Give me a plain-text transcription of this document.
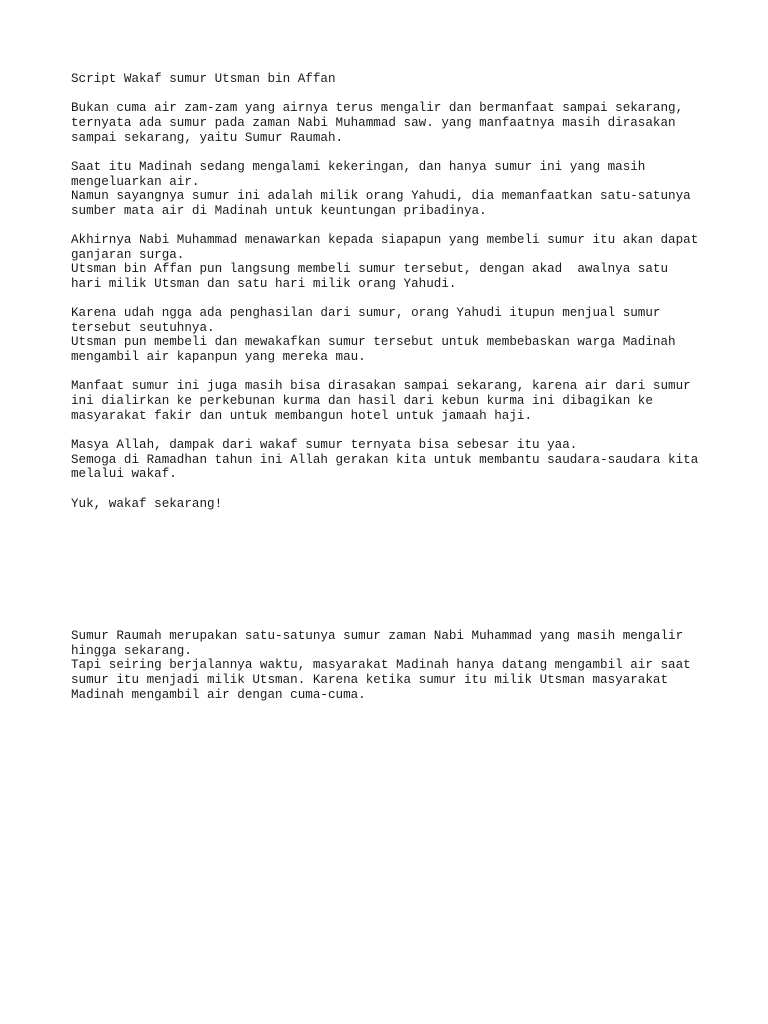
Script Wakaf sumur Utsman bin Affan

Bukan cuma air zam-zam yang airnya terus mengalir dan bermanfaat sampai sekarang,

ternyata ada sumur pada zaman Nabi Muhammad saw. yang manfaatnya masih dirasakan

sampai sekarang, yaitu Sumur Raumah.

Saat itu Madinah sedang mengalami kekeringan, dan hanya sumur ini yang masih

mengeluarkan air.

Namun sayangnya sumur ini adalah milik orang Yahudi, dia memanfaatkan satu-satunya

sumber mata air di Madinah untuk keuntungan pribadinya.

Akhirnya Nabi Muhammad menawarkan kepada siapapun yang membeli sumur itu akan dapat

ganjaran surga.

Utsman bin Affan pun langsung membeli sumur tersebut, dengan akad  awalnya satu

hari milik Utsman dan satu hari milik orang Yahudi.

Karena udah ngga ada penghasilan dari sumur, orang Yahudi itupun menjual sumur

tersebut seutuhnya.

Utsman pun membeli dan mewakafkan sumur tersebut untuk membebaskan warga Madinah

mengambil air kapanpun yang mereka mau.

Manfaat sumur ini juga masih bisa dirasakan sampai sekarang, karena air dari sumur

ini dialirkan ke perkebunan kurma dan hasil dari kebun kurma ini dibagikan ke

masyarakat fakir dan untuk membangun hotel untuk jamaah haji.

Masya Allah, dampak dari wakaf sumur ternyata bisa sebesar itu yaa.

Semoga di Ramadhan tahun ini Allah gerakan kita untuk membantu saudara-saudara kita

melalui wakaf.

Yuk, wakaf sekarang!

Sumur Raumah merupakan satu-satunya sumur zaman Nabi Muhammad yang masih mengalir

hingga sekarang.

Tapi seiring berjalannya waktu, masyarakat Madinah hanya datang mengambil air saat

sumur itu menjadi milik Utsman. Karena ketika sumur itu milik Utsman masyarakat

Madinah mengambil air dengan cuma-cuma.
